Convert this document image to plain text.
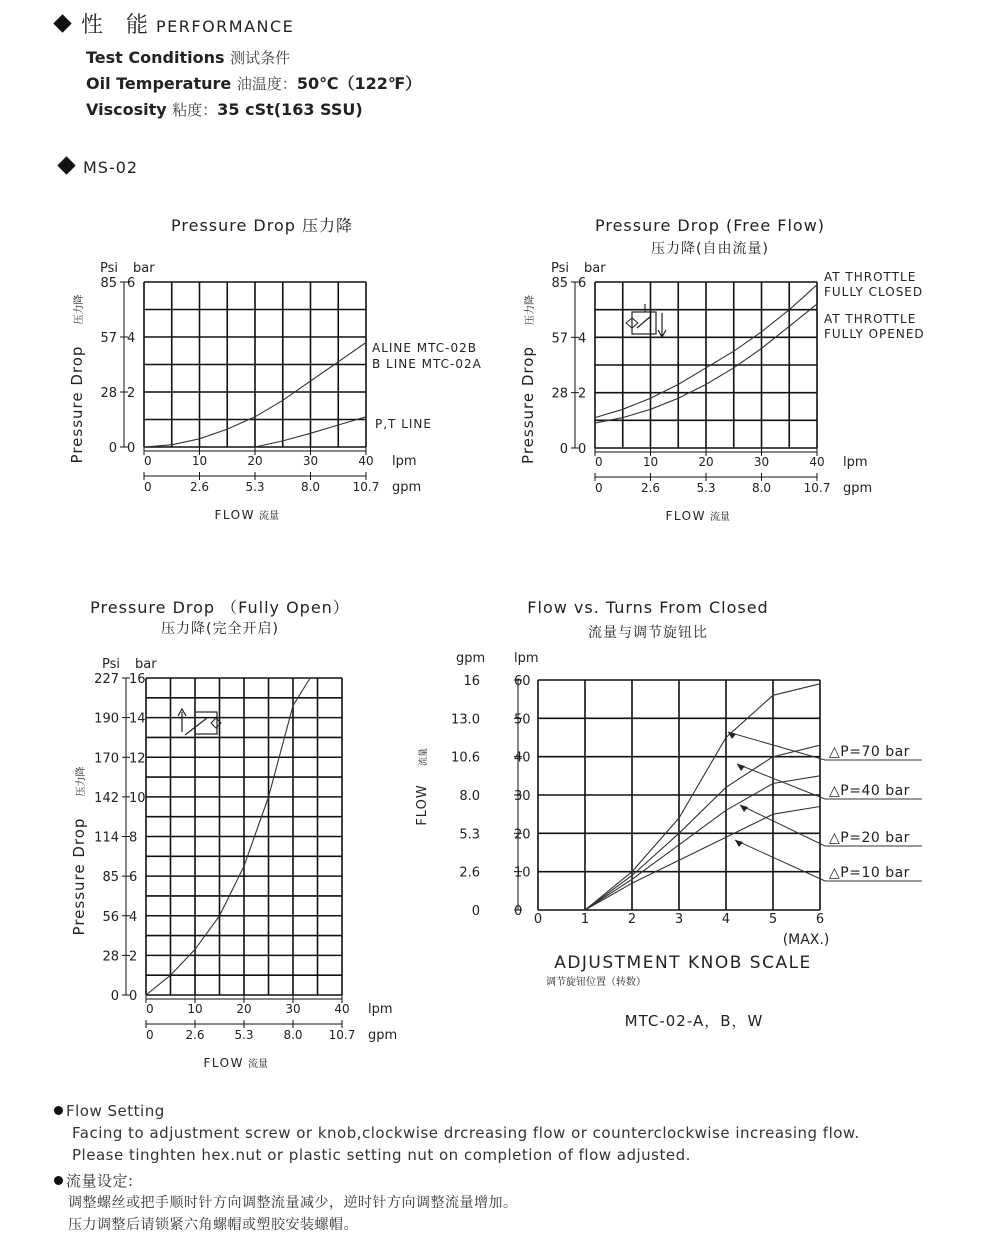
性 能PERFORMANCE
Test Conditions 测试条件
Oil Temperature 油温度：50℃（122℉）
Viscosity 粘度：35 cSt(163 SSU)
MS-02
Pressure Drop 压力降
0 0
28 2
57 4
85 6
Psi bar
Pressure Drop
压力降
0	10	20	30	40
0	2.6	5.3	8.0	10.7
lpm
gpm
FLOW 流量
Pressure Drop (Free Flow)
压力降(自由流量)
0 0
28 2
57 4
85 6
Psi bar
Pressure Drop
压力降
0	10	20	30	40
0	2.6	5.3	8.0	10.7
lpm
gpm
FLOW 流量
Pressure Drop （Fully Open）
压力降(完全开启)
0 0
28 2
56 4
85 6
114 8
142 10
170 12
190 14
227 16
Psi bar
Pressure Drop
压力降
0	10	20	30	40
0	2.6 5.3 8.0 10.7
lpm
gpm
FLOW 流量
Flow vs. Turns From Closed
流量与调节旋钮比
0	0
2.6	10
5.3	20
8.0	30
10.6	40
13.0	50
16	60
gpm lpm
FLOW
流量
0	1	2	3	4	5	6
(MAX.)
ADJUSTMENT KNOB SCALE
调节旋钮位置（转数）
MTC-02-A，B，W
ALINE MTC-02B
B LINE MTC-02A
P,T LINE
AT THROTTLE
FULLY CLOSED
AT THROTTLE
FULLY OPENED
△P=70 bar
△P=40 bar
△P=20 bar
△P=10 bar
Flow Setting
Facing to adjustment screw or knob,clockwise drcreasing flow or counterclockwise increasing flow.
Please tinghten hex.nut or plastic setting nut on completion of flow adjusted.
流量设定:
调整螺丝或把手顺时针方向调整流量减少，逆时针方向调整流量增加。
压力调整后请锁紧六角螺帽或塑胶安装螺帽。
